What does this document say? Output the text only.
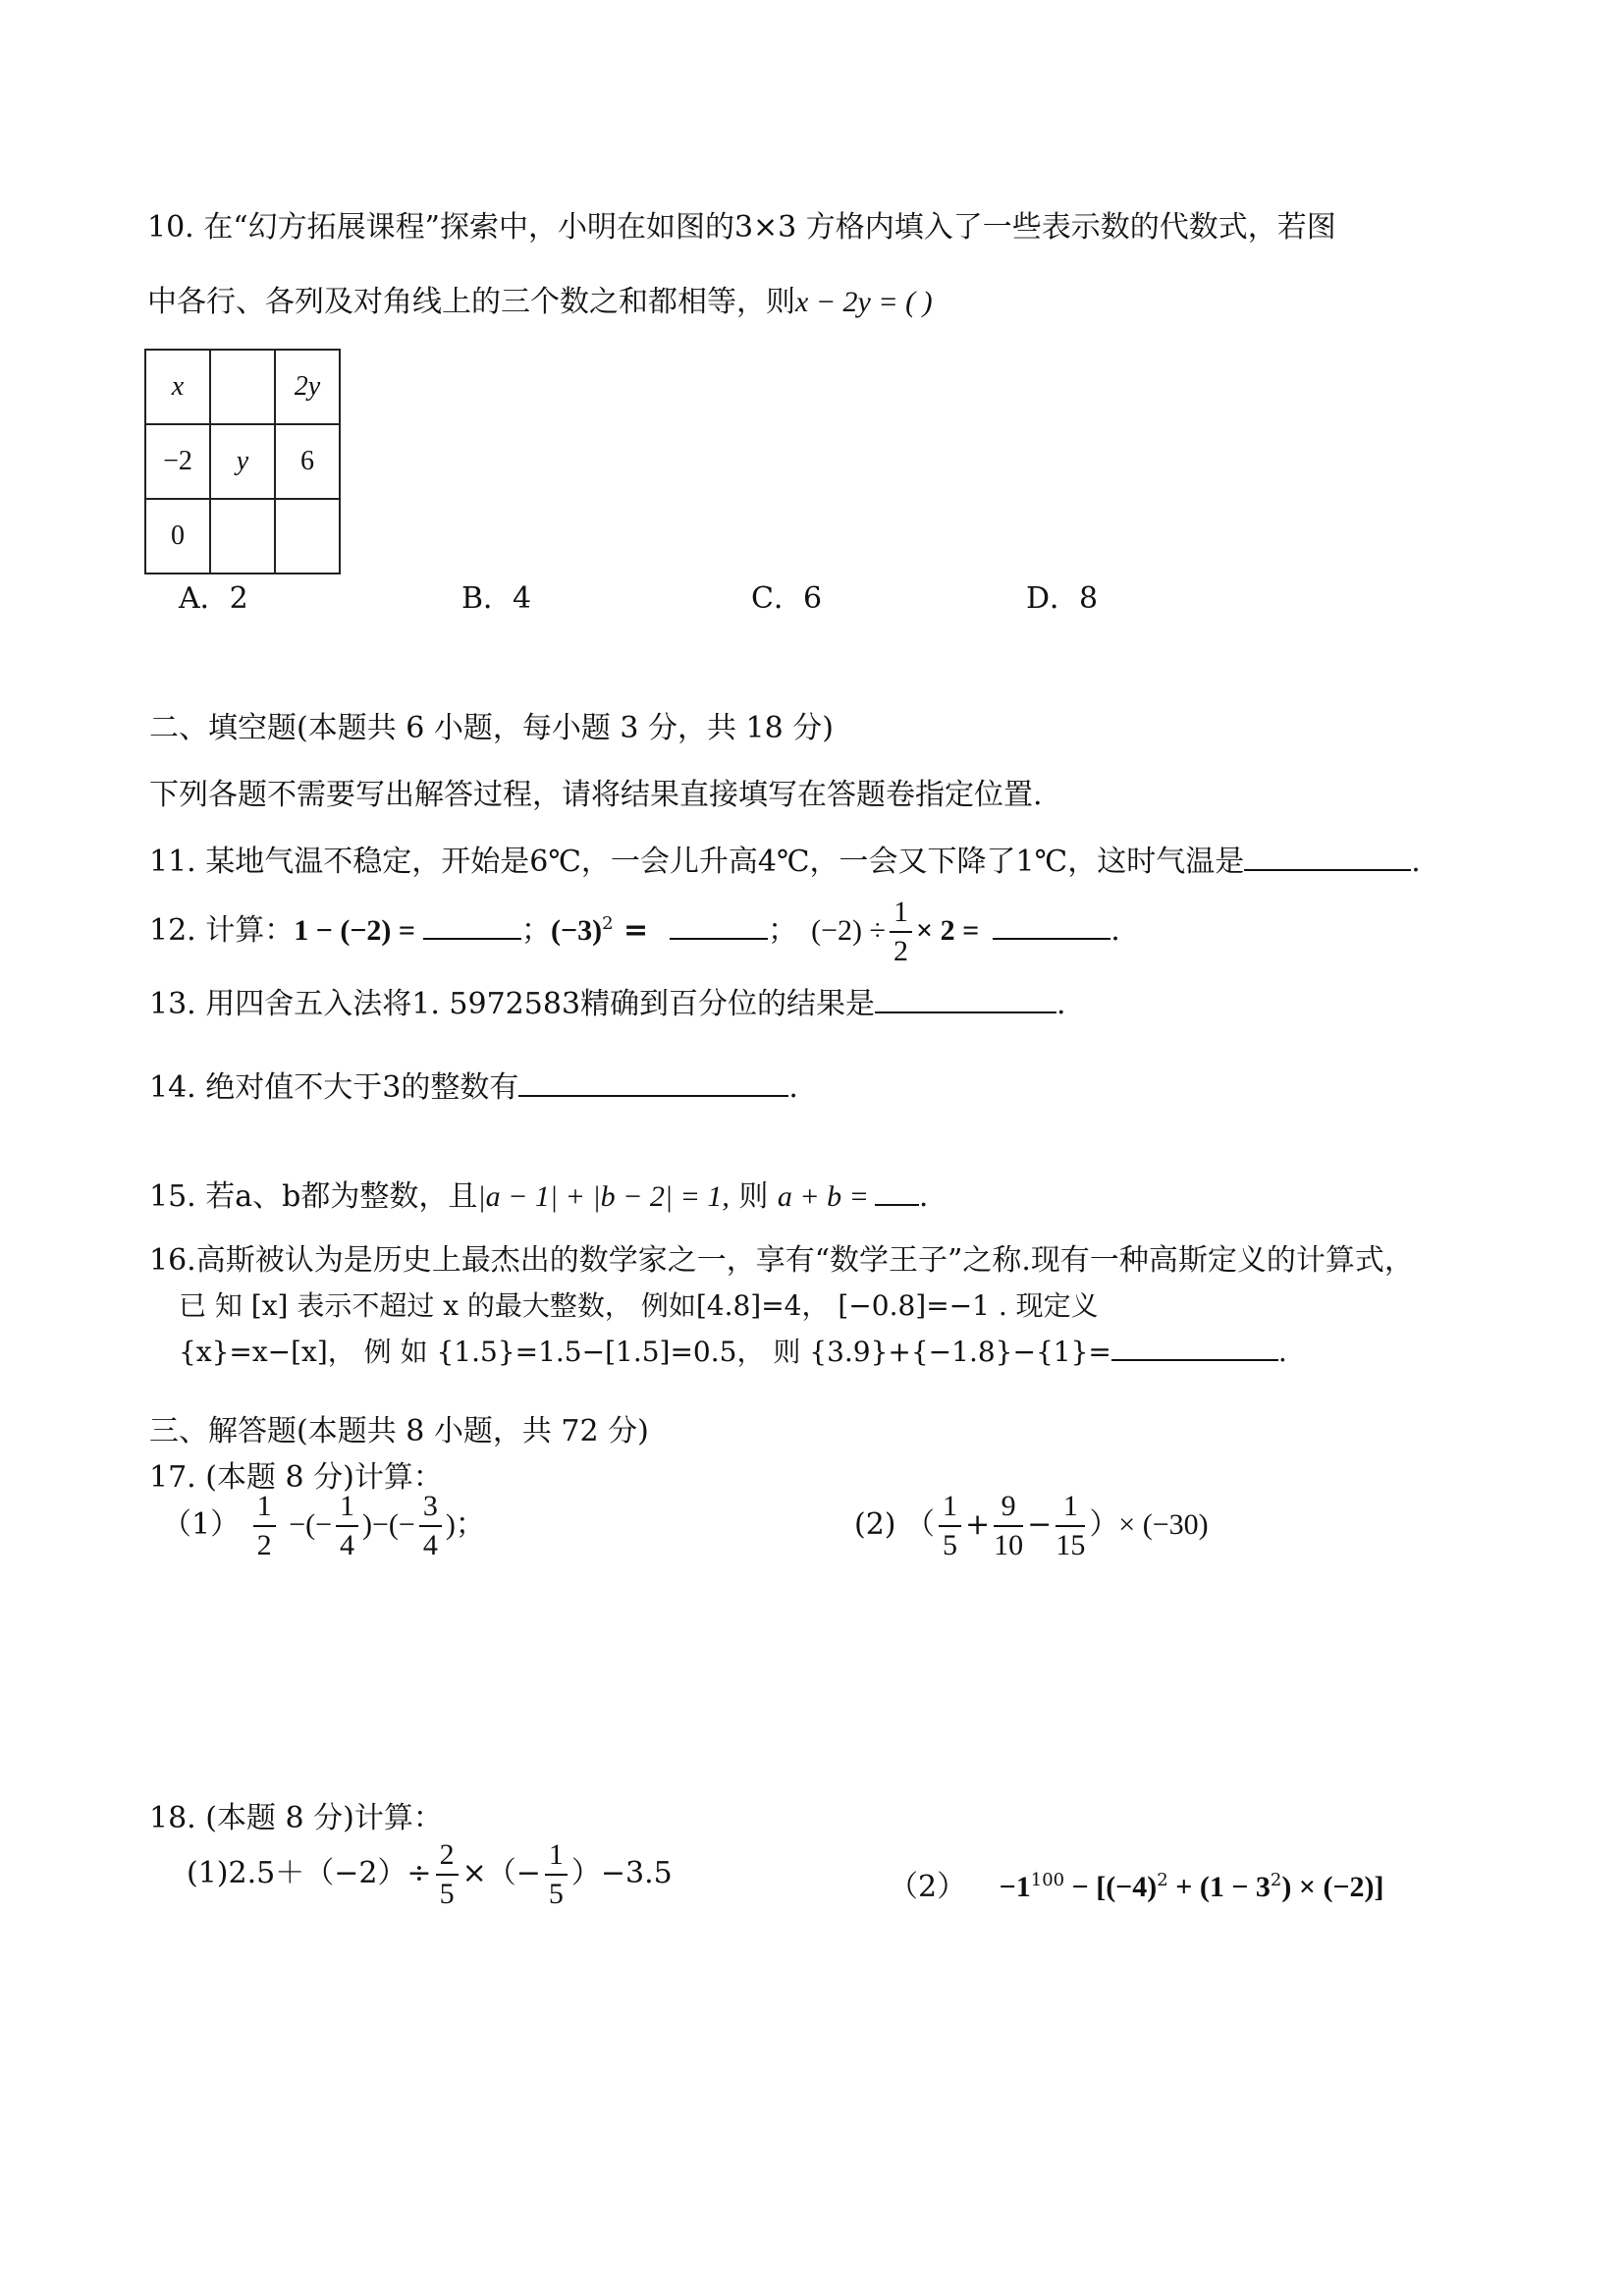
10. 在“幻方拓展课程”探索中，小明在如图的3×3 方格内填入了一些表示数的代数式，若图
中各行、各列及对角线上的三个数之和都相等，则x − 2y = ( )
x		2y
−2	y	6
0		
A．2	B．4	C．6	D．8
二、填空题(本题共 6 小题，每小题 3 分，共 18 分)
下列各题不需要写出解答过程，请将结果直接填写在答题卷指定位置.
11. 某地气温不稳定，开始是6℃，一会儿升高4℃，一会又下降了1℃，这时气温是	.
12. 计算：1 − (−2) =	；$(-3)^2$ =	； $(-2) \div \frac{1}{2} \times 2$ =	.
13. 用四舍五入法将1. 5972583精确到百分位的结果是	.
14. 绝对值不大于3的整数有	.
15. 若a、b都为整数，且|a − 1| + |b − 2| = 1, 则 a + b = .
16.高斯被认为是历史上最杰出的数学家之一，享有“数学王子”之称.现有一种高斯定义的计算式，
已 知 [x] 表示不超过 x 的最大整数， 例如[4.8]=4， [−0.8]=−1 . 现定义
{x}=x−[x]， 例 如 {1.5}=1.5−[1.5]=0.5， 则 {3.9}+{−1.8}−{1}=	.
三、解答题(本题共 8 小题，共 72 分)
17. (本题 8 分)计算：
$(1) \frac{1}{2}$ −(− $\frac{1}{4}$ )−(− $\frac{3}{4}$ )；	(2) （ $\frac{1}{5} + \frac{9}{10} - \frac{1}{15}$ ）× (−30)
18. (本题 8 分)计算：
$(1)2.5+(-2)\div \frac{2}{5}$ ×（− $\frac{1}{5} )-3.5$	$(2) -1^{100} - [(-4)^2 + (1 - 3^2) \times (-2)]$
